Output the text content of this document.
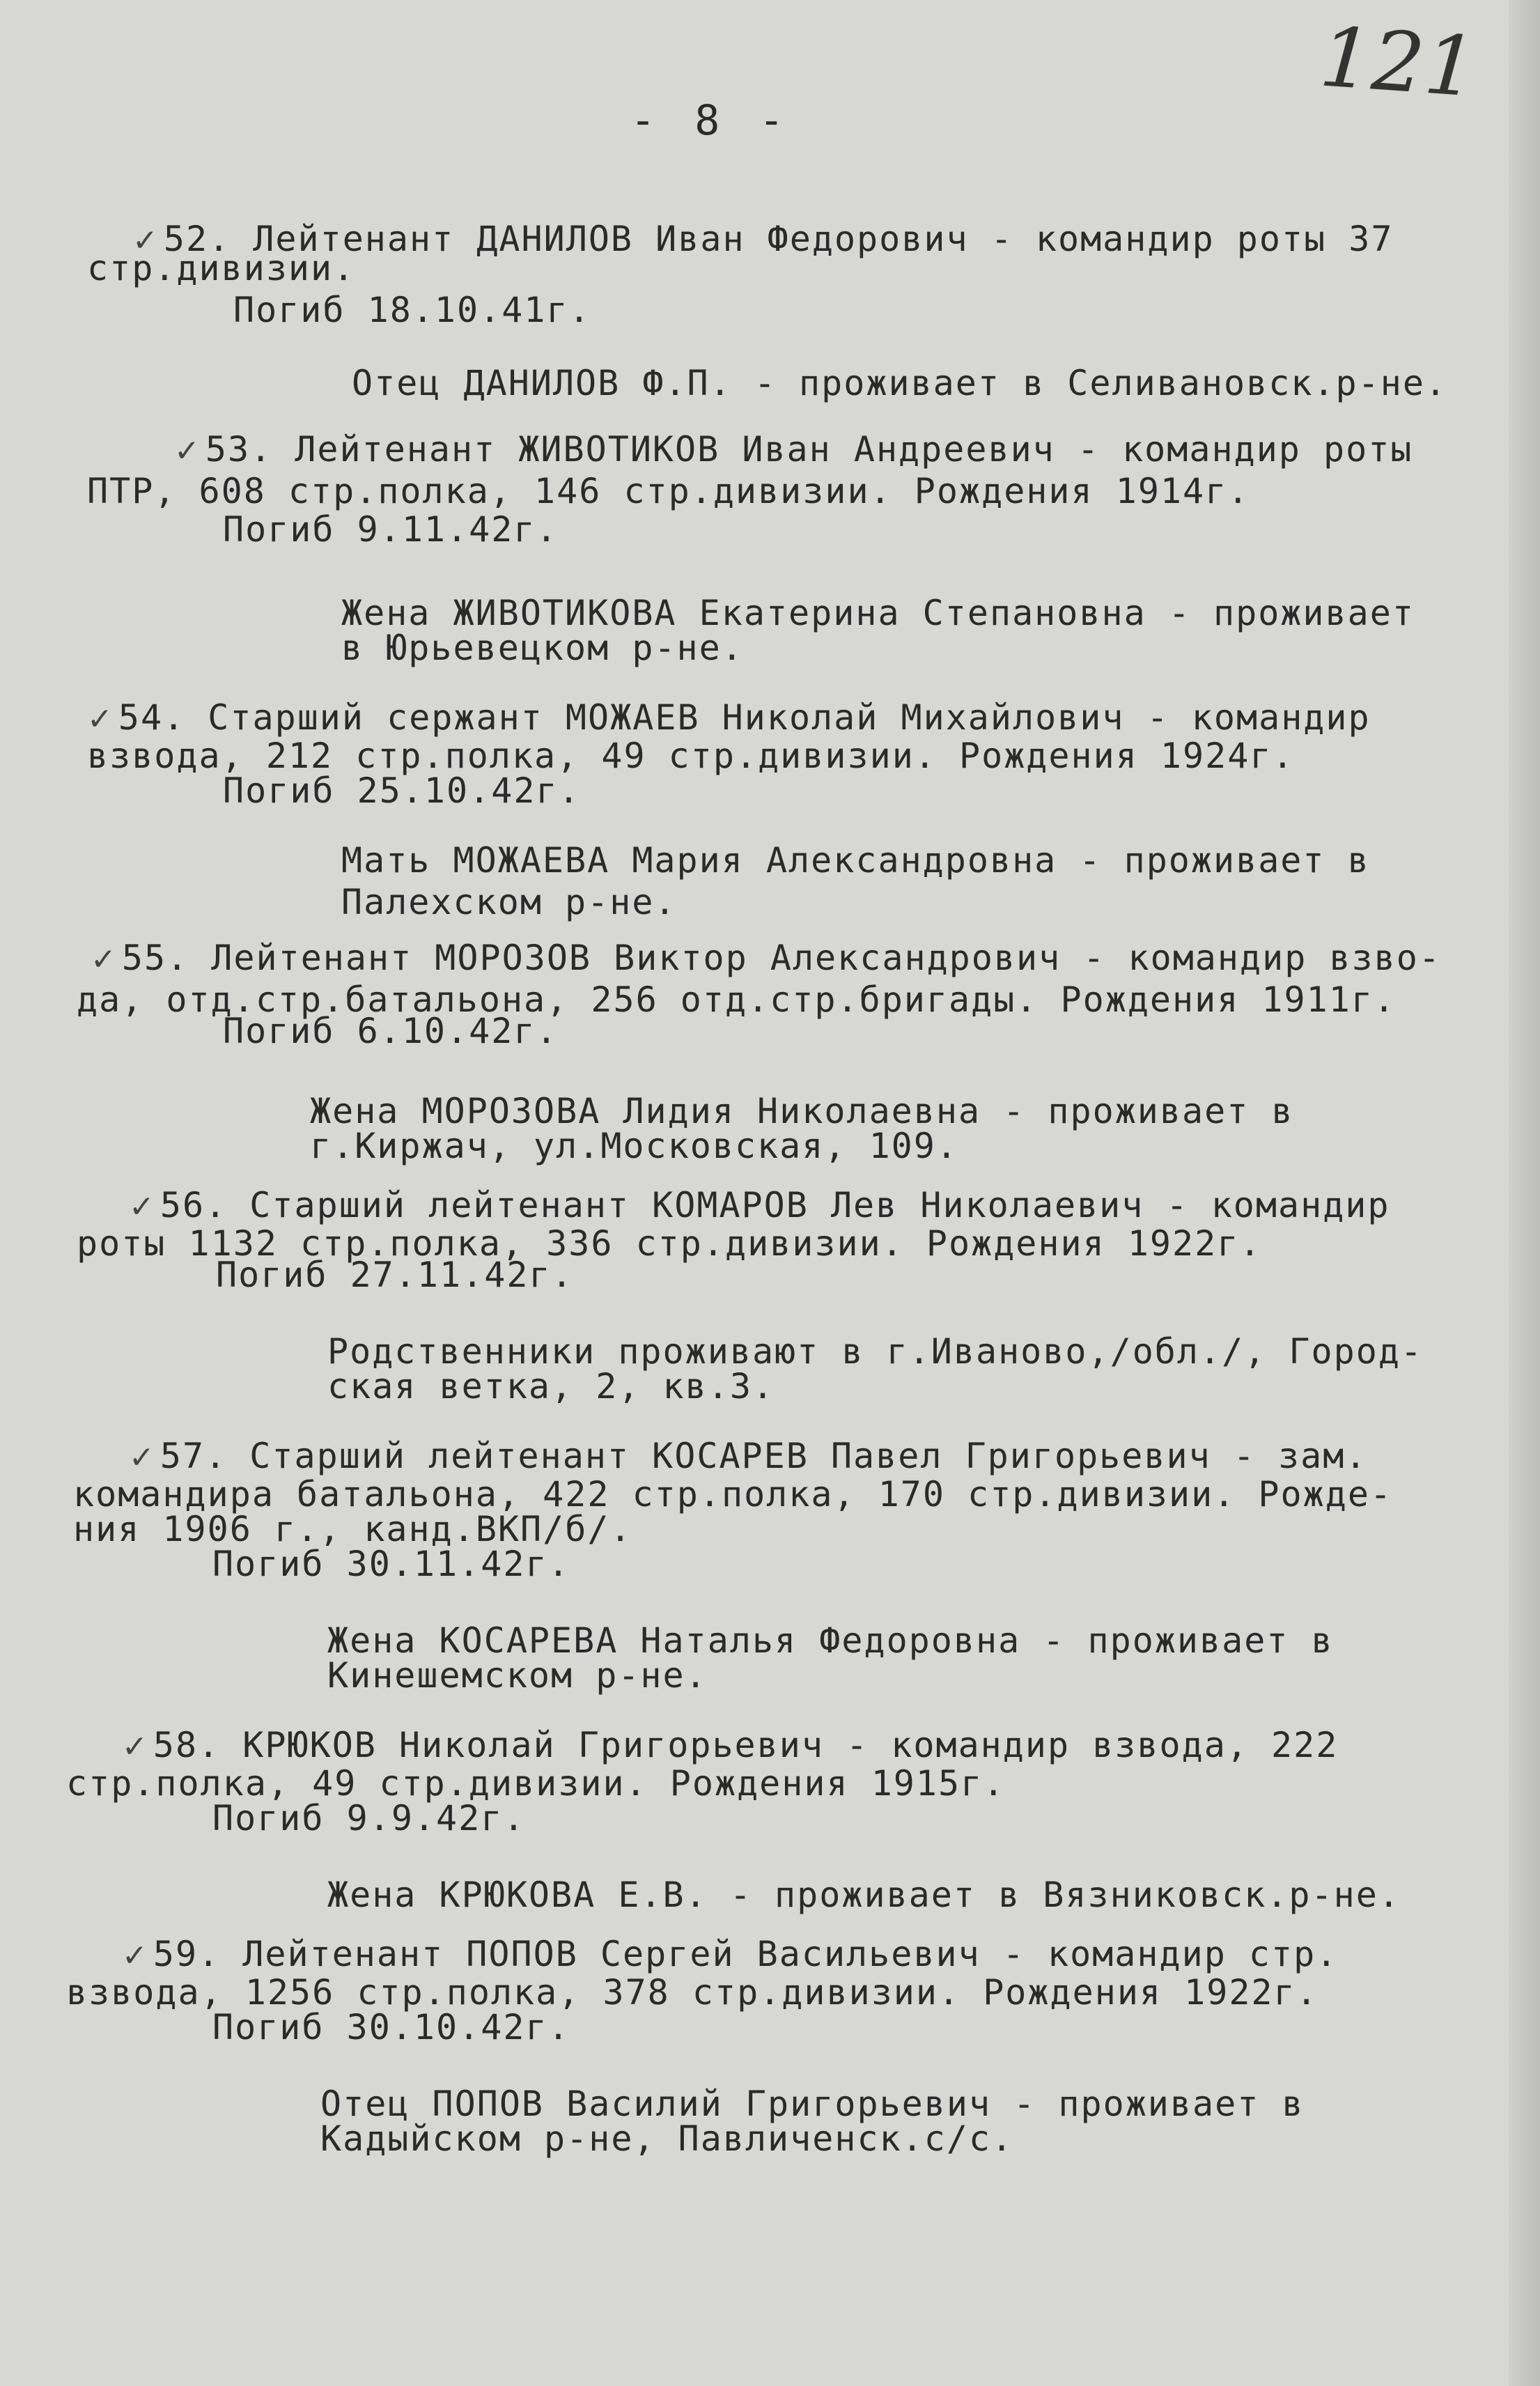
- 8 -
121
✓ 52. Лейтенант ДАНИЛОВ Иван Федорович - командир роты 37
стр.дивизии.
Погиб 18.10.41г.
Отец ДАНИЛОВ Ф.П. - проживает в Селивановск.р-не.
✓ 53. Лейтенант ЖИВОТИКОВ Иван Андреевич - командир роты
ПТР, 608 стр.полка, 146 стр.дивизии. Рождения 1914г.
Погиб 9.11.42г.
Жена ЖИВОТИКОВА Екатерина Степановна - проживает
в Юрьевецком р-не.
✓ 54. Старший сержант МОЖАЕВ Николай Михайлович - командир
взвода, 212 стр.полка, 49 стр.дивизии. Рождения 1924г.
Погиб 25.10.42г.
Мать МОЖАЕВА Мария Александровна - проживает в
Палехском р-не.
✓ 55. Лейтенант МОРОЗОВ Виктор Александрович - командир взво-
да, отд.стр.батальона, 256 отд.стр.бригады. Рождения 1911г.
Погиб 6.10.42г.
Жена МОРОЗОВА Лидия Николаевна - проживает в
г.Киржач, ул.Московская, 109.
✓ 56. Старший лейтенант КОМАРОВ Лев Николаевич - командир
роты 1132 стр.полка, 336 стр.дивизии. Рождения 1922г.
Погиб 27.11.42г.
Родственники проживают в г.Иваново,/обл./, Город-
ская ветка, 2, кв.3.
✓ 57. Старший лейтенант КОСАРЕВ Павел Григорьевич - зам.
командира батальона, 422 стр.полка, 170 стр.дивизии. Рожде-
ния 1906 г., канд.ВКП/б/.
Погиб 30.11.42г.
Жена КОСАРЕВА Наталья Федоровна - проживает в
Кинешемском р-не.
✓ 58. КРЮКОВ Николай Григорьевич - командир взвода, 222
стр.полка, 49 стр.дивизии. Рождения 1915г.
Погиб 9.9.42г.
Жена КРЮКОВА Е.В. - проживает в Вязниковск.р-не.
✓ 59. Лейтенант ПОПОВ Сергей Васильевич - командир стр.
взвода, 1256 стр.полка, 378 стр.дивизии. Рождения 1922г.
Погиб 30.10.42г.
Отец ПОПОВ Василий Григорьевич - проживает в
Кадыйском р-не, Павличенск.с/с.
